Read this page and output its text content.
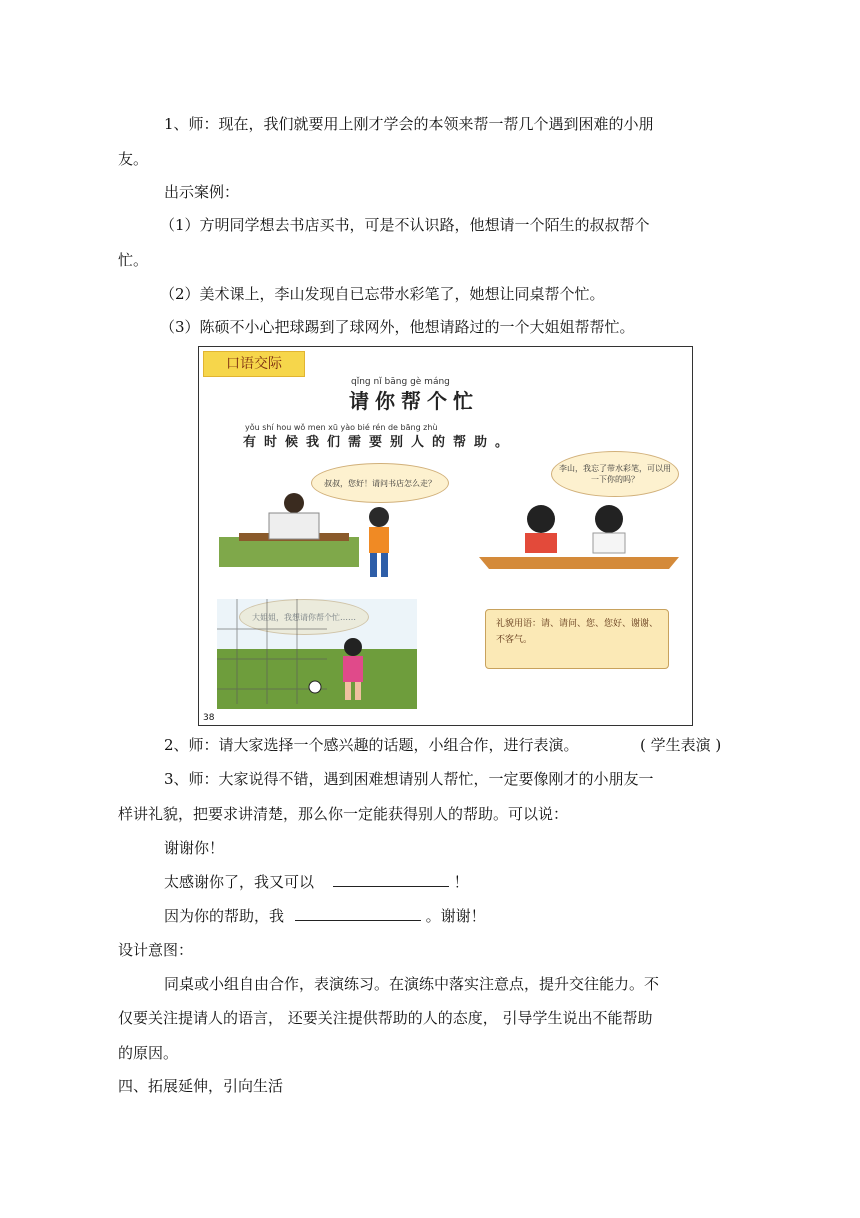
1、师：现在，我们就要用上刚才学会的本领来帮一帮几个遇到困难的小朋
友。
出示案例：
（1）方明同学想去书店买书，可是不认识路，他想请一个陌生的叔叔帮个
忙。
（2）美术课上，李山发现自已忘带水彩笔了，她想让同桌帮个忙。
（3）陈硕不小心把球踢到了球网外，他想请路过的一个大姐姐帮帮忙。
口语交际
qǐng nǐ bāng gè máng
请你帮个忙
yǒu shí hou wǒ men xū yào bié rén de bāng zhù
有时候我们需要别人的帮助。
叔叔，您好！请问书店怎么走？
李山，我忘了带水彩笔，可以用一下你的吗？
大姐姐，我想请你帮个忙……
礼貌用语：请、请问、您、您好、谢谢、不客气。
38
2、师：请大家选择一个感兴趣的话题，小组合作，进行表演。	( 学生表演 )
3、师：大家说得不错，遇到困难想请别人帮忙，一定要像刚才的小朋友一
样讲礼貌，把要求讲清楚，那么你一定能获得别人的帮助。可以说：
谢谢你！
太感谢你了，我又可以	！
因为你的帮助，我	。谢谢！
设计意图：
同桌或小组自由合作，表演练习。在演练中落实注意点，提升交往能力。不
仅要关注提请人的语言， 还要关注提供帮助的人的态度， 引导学生说出不能帮助
的原因。
四、拓展延伸，引向生活
